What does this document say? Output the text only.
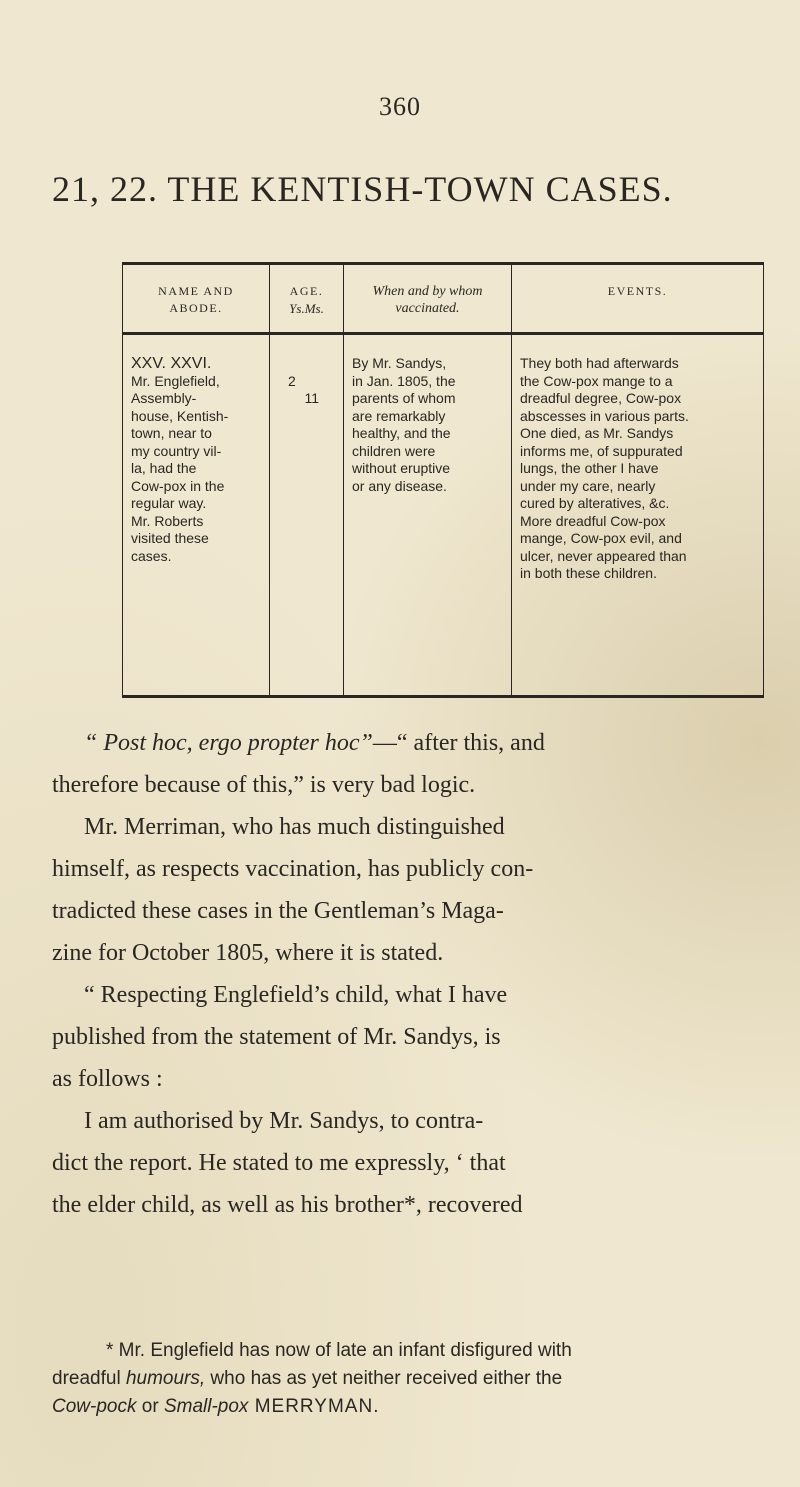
360
21, 22. THE KENTISH-TOWN CASES.
NAME AND
ABODE.
XXV. XXVI.
Mr. Englefield,
Assembly-
house, Kentish-
town, near to
my country vil-
la, had the
Cow-pox in the
regular way.
Mr. Roberts
visited these
cases.
AGE.
Ys.Ms.
2
11
When and by whom
vaccinated.
By Mr. Sandys,
in Jan. 1805, the
parents of whom
are remarkably
healthy, and the
children were
without eruptive
or any disease.
EVENTS.
They both had afterwards
the Cow-pox mange to a
dreadful degree, Cow-pox
abscesses in various parts.
One died, as Mr. Sandys
informs me, of suppurated
lungs, the other I have
under my care, nearly
cured by alteratives, &c.
More dreadful Cow-pox
mange, Cow-pox evil, and
ulcer, never appeared than
in both these children.
“ Post hoc, ergo propter hoc”—“ after this, and
therefore because of this,” is very bad logic.
Mr. Merriman, who has much distinguished
himself, as respects vaccination, has publicly con-
tradicted these cases in the Gentleman’s Maga-
zine for October 1805, where it is stated.
“ Respecting Englefield’s child, what I have
published from the statement of Mr. Sandys, is
as follows :
I am authorised by Mr. Sandys, to contra-
dict the report. He stated to me expressly, ‘ that
the elder child, as well as his brother*, recovered
* Mr. Englefield has now of late an infant disfigured with
dreadful humours, who has as yet neither received either the
Cow-pock or Small-pox MERRYMAN.
